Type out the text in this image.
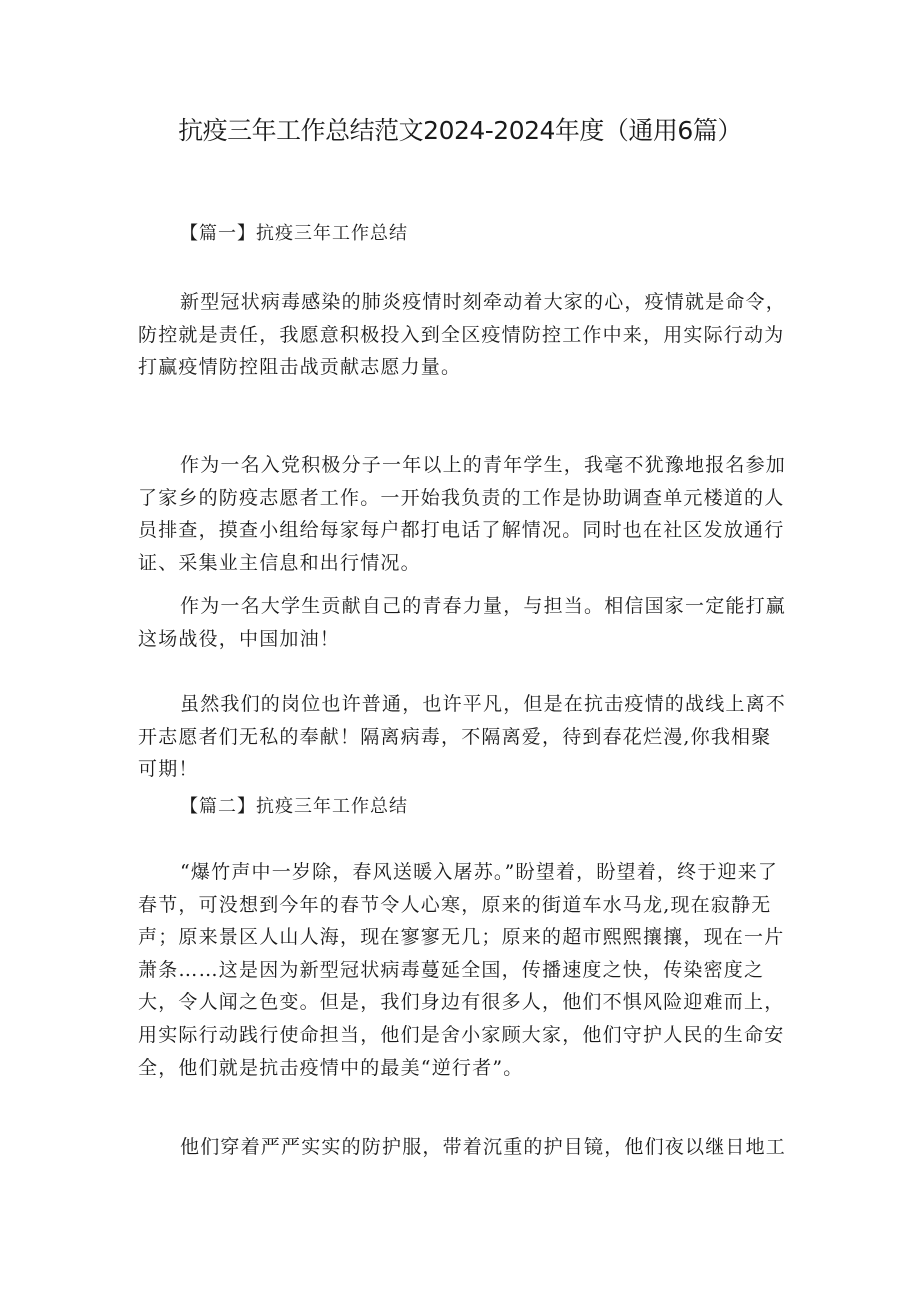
抗疫三年工作总结范文2024-2024年度（通用6篇）

【篇一】抗疫三年工作总结

新型冠状病毒感染的肺炎疫情时刻牵动着大家的心，疫情就是命令，防控就是责任，我愿意积极投入到全区疫情防控工作中来，用实际行动为打赢疫情防控阻击战贡献志愿力量。

作为一名入党积极分子一年以上的青年学生，我毫不犹豫地报名参加了家乡的防疫志愿者工作。一开始我负责的工作是协助调查单元楼道的人员排查，摸查小组给每家每户都打电话了解情况。同时也在社区发放通行证、采集业主信息和出行情况。

作为一名大学生贡献自己的青春力量，与担当。相信国家一定能打赢这场战役，中国加油！

虽然我们的岗位也许普通，也许平凡，但是在抗击疫情的战线上离不开志愿者们无私的奉献！隔离病毒，不隔离爱，待到春花烂漫,你我相聚可期！

【篇二】抗疫三年工作总结

“爆竹声中一岁除，春风送暖入屠苏。”盼望着，盼望着，终于迎来了春节，可没想到今年的春节令人心寒，原来的街道车水马龙,现在寂静无声；原来景区人山人海，现在寥寥无几；原来的超市熙熙攘攘，现在一片萧条……这是因为新型冠状病毒蔓延全国，传播速度之快，传染密度之大，令人闻之色变。但是，我们身边有很多人，他们不惧风险迎难而上，用实际行动践行使命担当，他们是舍小家顾大家，他们守护人民的生命安全，他们就是抗击疫情中的最美“逆行者”。

他们穿着严严实实的防护服，带着沉重的护目镜，他们夜以继日地工
